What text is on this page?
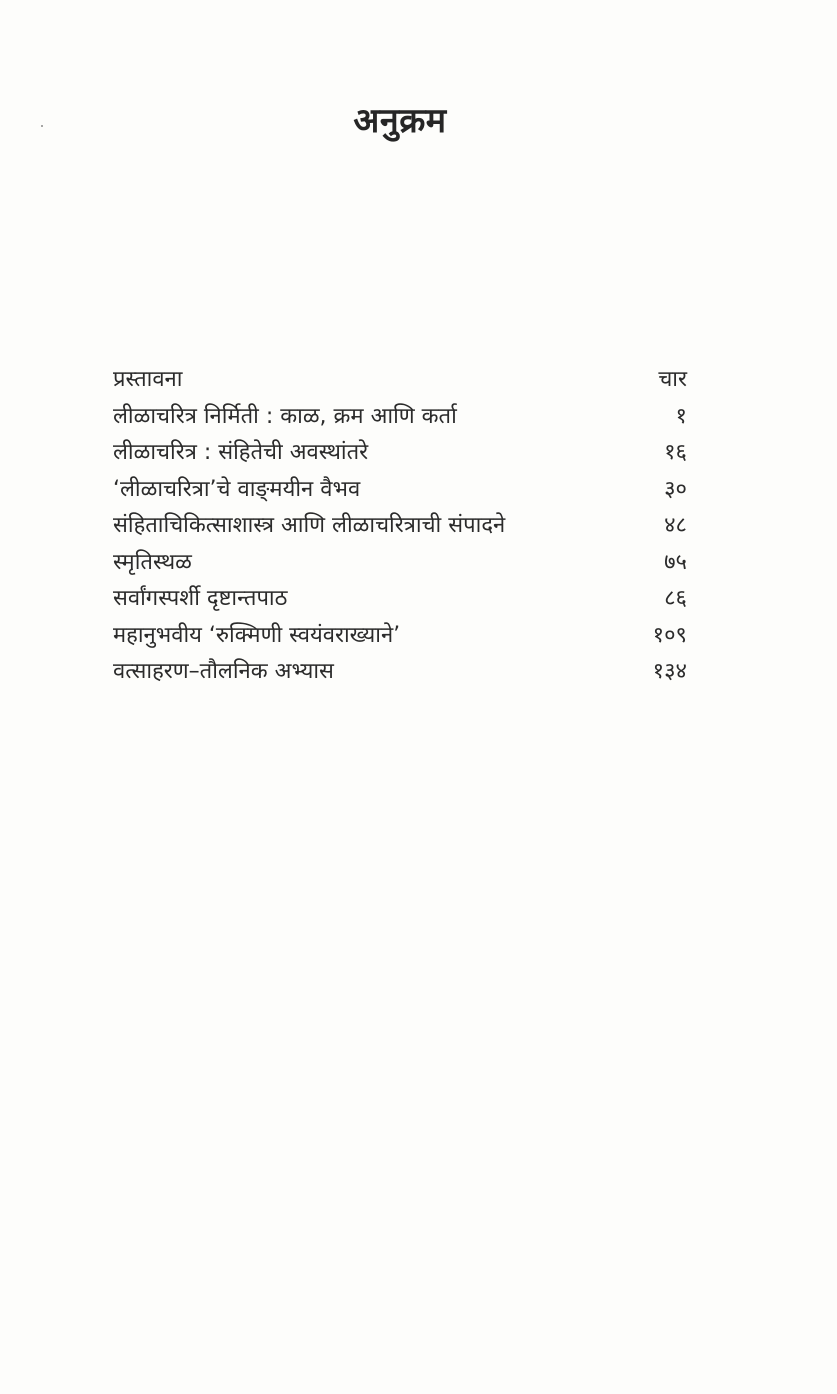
अनुक्रम
प्रस्तावना	चार
लीळाचरित्र निर्मिती : काळ, क्रम आणि कर्ता	१
लीळाचरित्र : संहितेची अवस्थांतरे	१६
‘लीळाचरित्रा’चे वाङ्‌मयीन वैभव	३०
संहिताचिकित्साशास्त्र आणि लीळाचरित्राची संपादने	४८
स्मृतिस्थळ	७५
सर्वांगस्पर्शी दृष्टान्तपाठ	८६
महानुभवीय ‘रुक्मिणी स्वयंवराख्याने’	१०९
वत्साहरण–तौलनिक अभ्यास	१३४
